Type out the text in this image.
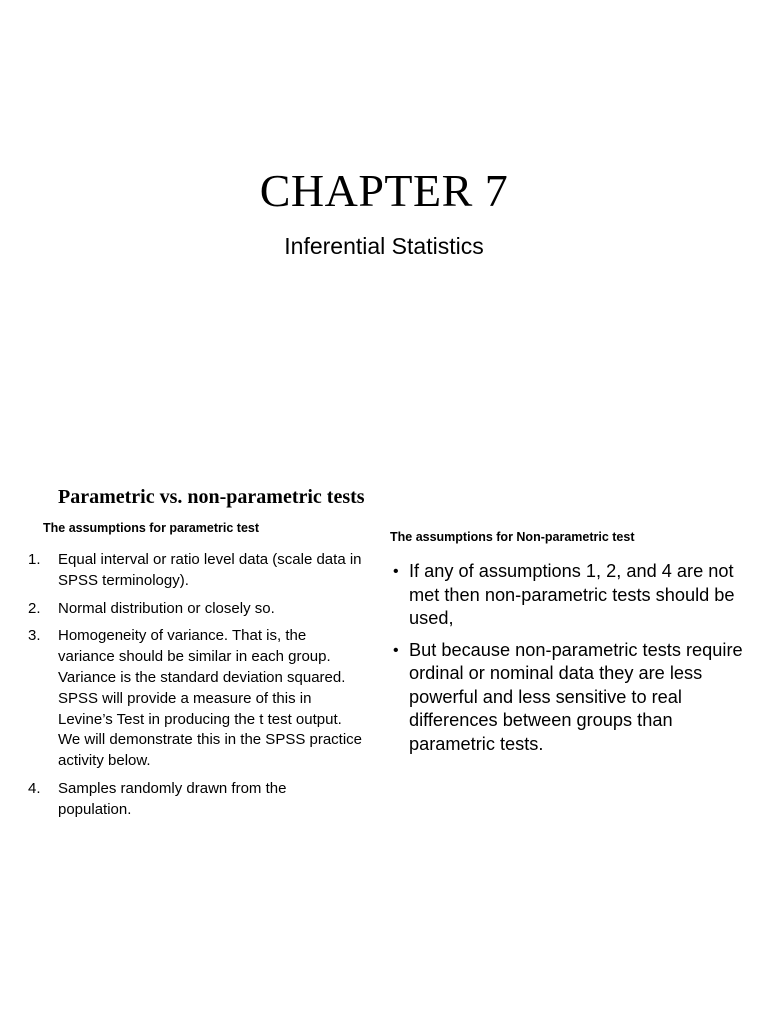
CHAPTER 7
Inferential Statistics
Parametric vs. non-parametric tests
The assumptions for parametric test
1. Equal interval or ratio level data (scale data in SPSS terminology).
2. Normal distribution or closely so.
3. Homogeneity of variance. That is, the variance should be similar in each group. Variance is the standard deviation squared. SPSS will provide a measure of this in Levine’s Test in producing the t test output. We will demonstrate this in the SPSS practice activity below.
4. Samples randomly drawn from the population.
The assumptions for Non-parametric test
• If any of assumptions 1, 2, and 4 are not met then non-parametric tests should be used,
• But because non-parametric tests require ordinal or nominal data they are less powerful and less sensitive to real differences between groups than parametric tests.
